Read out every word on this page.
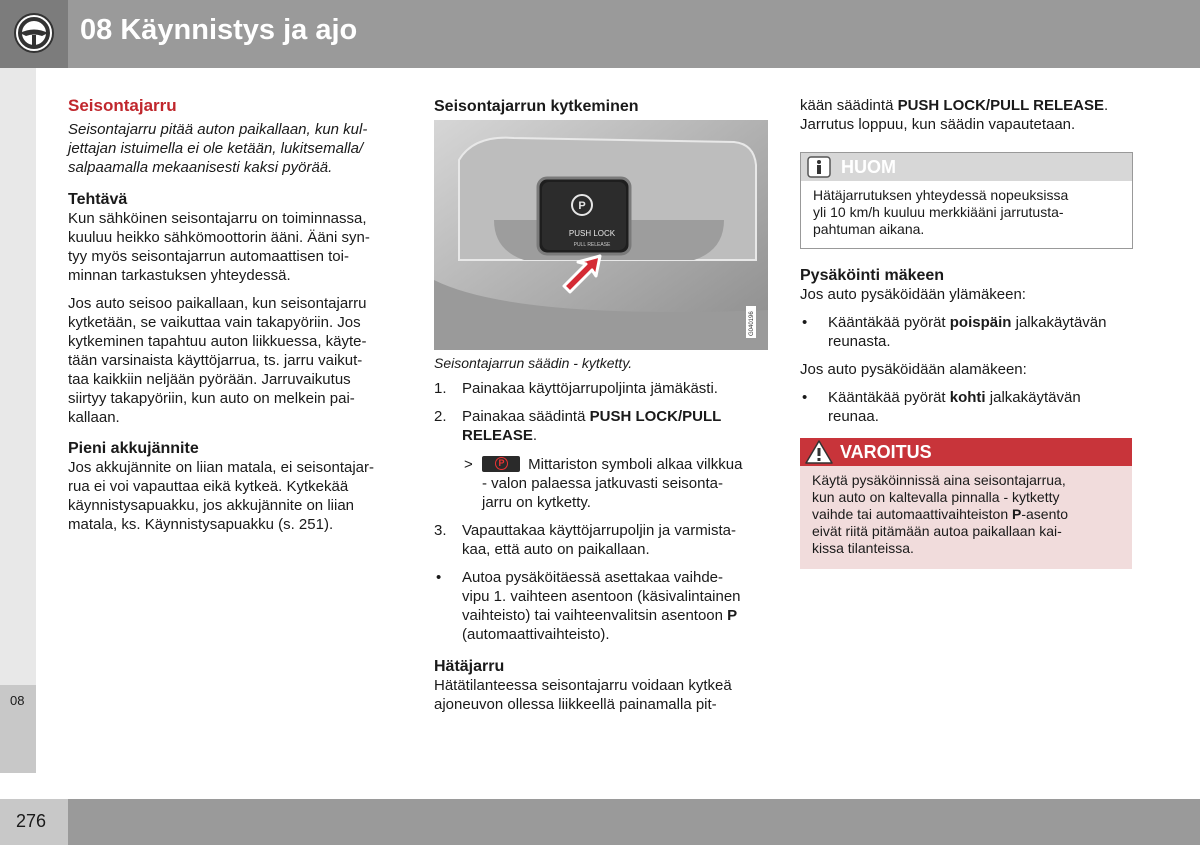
08 Käynnistys ja ajo
08

Seisontajarru

Seisontajarru pitää auton paikallaan, kun kul-
jettajan istuimella ei ole ketään, lukitsemalla/
salpaamalla mekaanisesti kaksi pyörää.

Tehtävä

Kun sähköinen seisontajarru on toiminnassa,
kuuluu heikko sähkömoottorin ääni. Ääni syn-
tyy myös seisontajarrun automaattisen toi-
minnan tarkastuksen yhteydessä.

Jos auto seisoo paikallaan, kun seisontajarru
kytketään, se vaikuttaa vain takapyöriin. Jos
kytkeminen tapahtuu auton liikkuessa, käyte-
tään varsinaista käyttöjarrua, ts. jarru vaikut-
taa kaikkiin neljään pyörään. Jarruvaikutus
siirtyy takapyöriin, kun auto on melkein pai-
kallaan.

Pieni akkujännite

Jos akkujännite on liian matala, ei seisontajar-
rua ei voi vapauttaa eikä kytkeä. Kytkekää
käynnistysapuakku, jos akkujännite on liian
matala, ks. Käynnistysapuakku (s. 251).

Seisontajarrun kytkeminen

P
PUSH LOCK
PULL RELEASE
G040196
Seisontajarrun säädin - kytketty.
1. Painakaa käyttöjarrupoljinta jämäkästi.
2. Painakaa säädintä PUSH LOCK/PULL
RELEASE.
>	P Mittariston symboli alkaa vilkkua
- valon palaessa jatkuvasti seisonta-
jarru on kytketty.
3. Vapauttakaa käyttöjarrupoljin ja varmista-
kaa, että auto on paikallaan.
• Autoa pysäköitäessä asettakaa vaihde-
vipu 1. vaihteen asentoon (käsivalintainen
vaihteisto) tai vaihteenvalitsin asentoon P
(automaattivaihteisto).

Hätäjarru

Hätätilanteessa seisontajarru voidaan kytkeä
ajoneuvon ollessa liikkeellä painamalla pit-

kään säädintä PUSH LOCK/PULL RELEASE.
Jarrutus loppuu, kun säädin vapautetaan.

HUOM
Hätäjarrutuksen yhteydessä nopeuksissa
yli 10 km/h kuuluu merkkiääni jarrutusta-
pahtuman aikana.

Pysäköinti mäkeen

Jos auto pysäköidään ylämäkeen:

• Kääntäkää pyörät poispäin jalkakäytävän
reunasta.

Jos auto pysäköidään alamäkeen:

• Kääntäkää pyörät kohti jalkakäytävän
reunaa.
VAROITUS
Käytä pysäköinnissä aina seisontajarrua,
kun auto on kaltevalla pinnalla - kytketty
vaihde tai automaattivaihteiston P-asento
eivät riitä pitämään autoa paikallaan kai-
kissa tilanteissa.
276
